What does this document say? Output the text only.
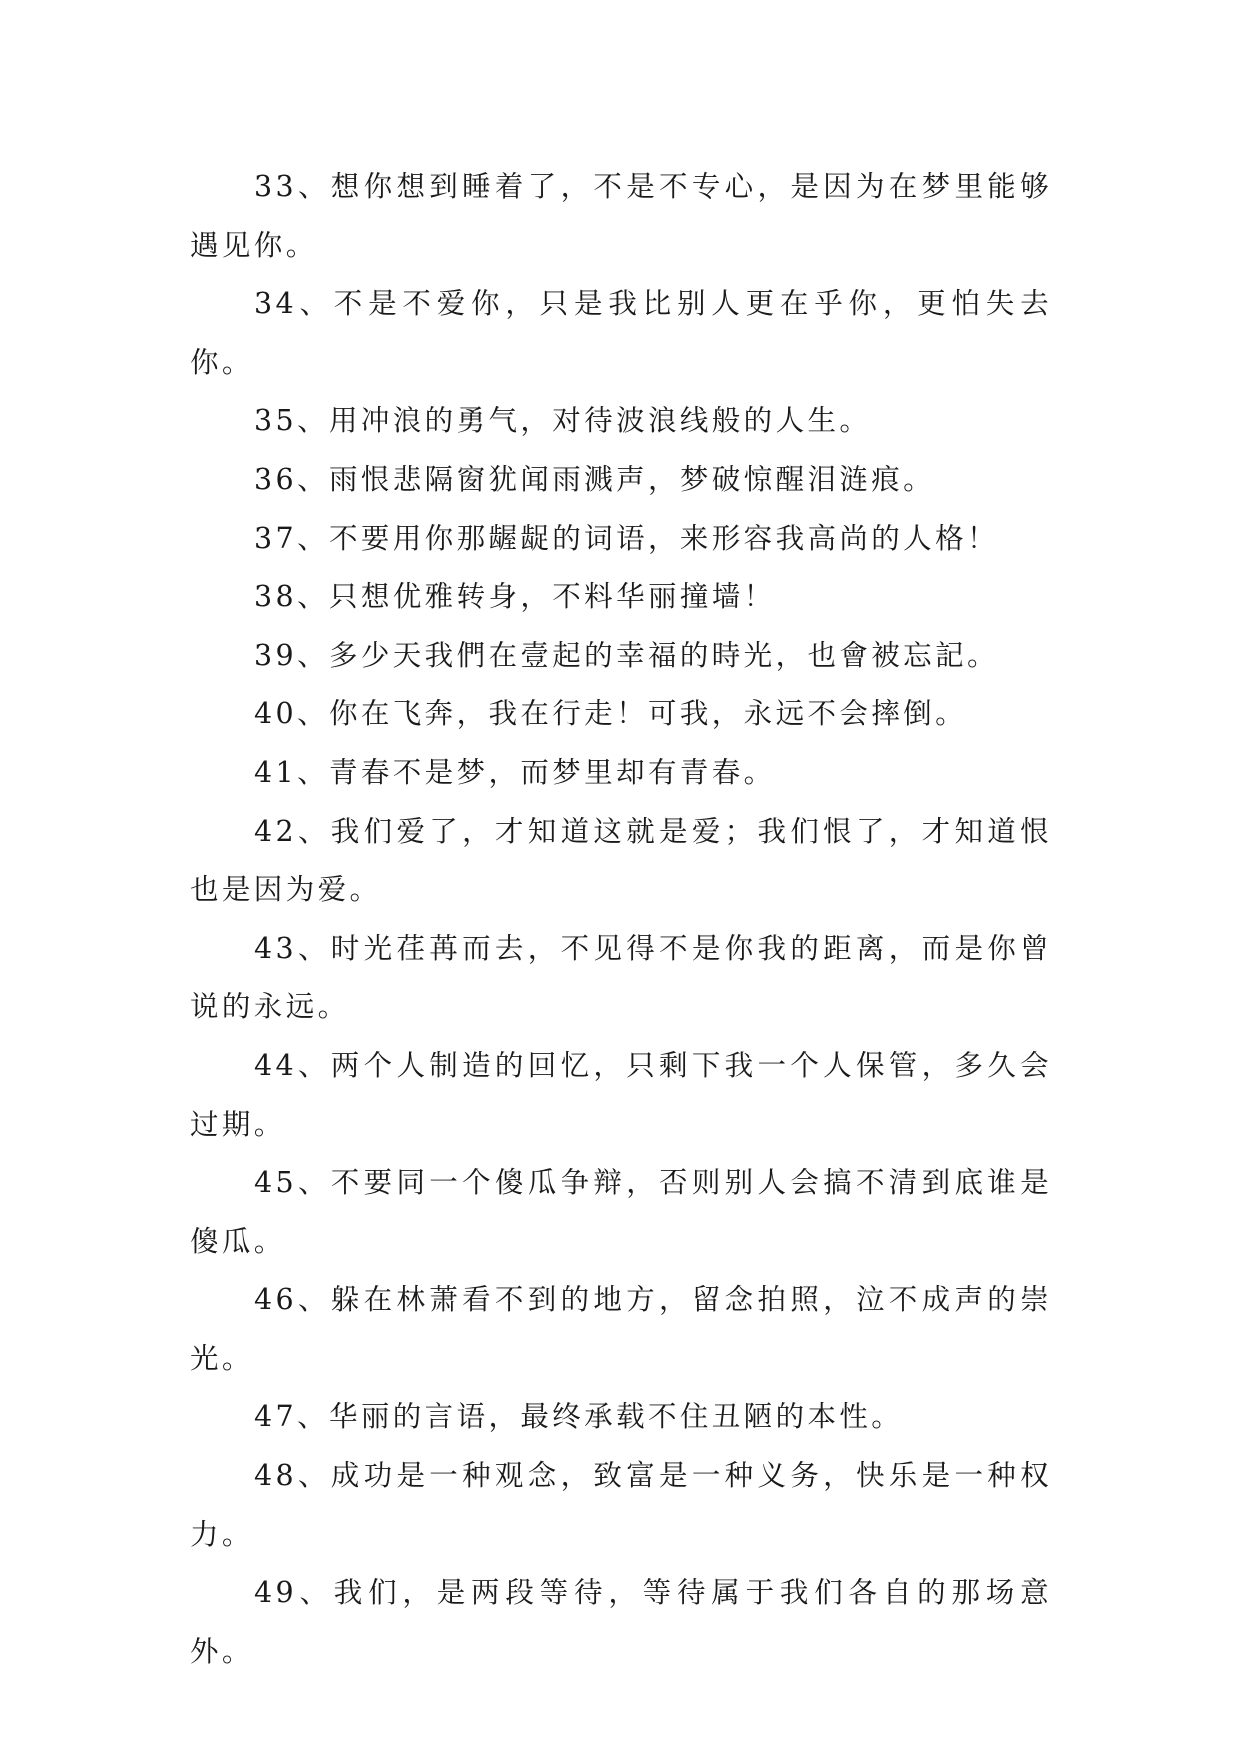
33、想你想到睡着了，不是不专心，是因为在梦里能够遇见你。

34、不是不爱你，只是我比别人更在乎你，更怕失去你。

35、用冲浪的勇气，对待波浪线般的人生。

36、雨恨悲隔窗犹闻雨溅声，梦破惊醒泪涟痕。

37、不要用你那龌龊的词语，来形容我高尚的人格！

38、只想优雅转身，不料华丽撞墙！

39、多少天我們在壹起的幸福的時光，也會被忘記。

40、你在飞奔，我在行走！可我，永远不会摔倒。

41、青春不是梦，而梦里却有青春。

42、我们爱了，才知道这就是爱；我们恨了，才知道恨也是因为爱。

43、时光荏苒而去，不见得不是你我的距离，而是你曾说的永远。

44、两个人制造的回忆，只剩下我一个人保管，多久会过期。

45、不要同一个傻瓜争辩，否则别人会搞不清到底谁是傻瓜。

46、躲在林萧看不到的地方，留念拍照，泣不成声的崇光。

47、华丽的言语，最终承载不住丑陋的本性。

48、成功是一种观念，致富是一种义务，快乐是一种权力。

49、我们，是两段等待，等待属于我们各自的那场意外。
